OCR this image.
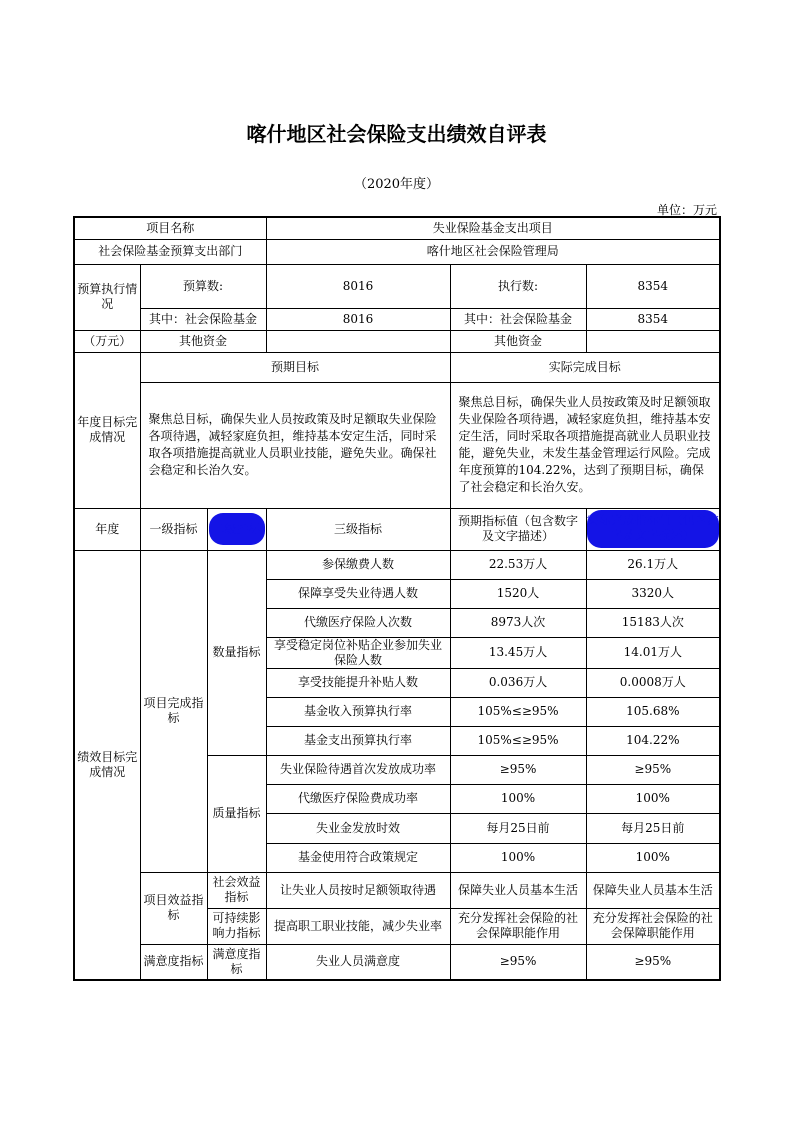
喀什地区社会保险支出绩效自评表
（2020年度）
单位：万元
项目名称			失业保险基金支出项目		
社会保险基金预算支出部门			喀什地区社会保险管理局		
预算执行情况	预算数:		8016	执行数:	8354
	其中：社会保险基金		8016	其中：社会保险基金	8354
（万元）	其他资金			其他资金	
年度目标完成情况	预期目标			实际完成目标	
	聚焦总目标，确保失业人员按政策及时足额取失业保险各项待遇，减轻家庭负担，维持基本安定生活，同时采取各项措施提高就业人员职业技能，避免失业。确保社会稳定和长治久安。			聚焦总目标，确保失业人员按政策及时足额领取失业保险各项待遇，减轻家庭负担，维持基本安定生活，同时采取各项措施提高就业人员职业技能，避免失业，未发生基金管理运行风险。完成年度预算的104.22%，达到了预期目标，确保了社会稳定和长治久安。	
年度	一级指标	二级指标	三级指标	预期指标值（包含数字及文字描述）	实际完成指标值（包含数字及文字描述）

绩效目标完成情况	项目完成指标	数量指标	参保缴费人数	22.53万人	26.1万人
			保障享受失业待遇人数	1520人	3320人
			代缴医疗保险人次数	8973人次	15183人次
			享受稳定岗位补贴企业参加失业保险人数	13.45万人	14.01万人
			享受技能提升补贴人数	0.036万人	0.0008万人
			基金收入预算执行率	105%≤≥95%	105.68%
			基金支出预算执行率	105%≤≥95%	104.22%
		质量指标	失业保险待遇首次发放成功率	≥95%	≥95%
			代缴医疗保险费成功率	100%	100%
			失业金发放时效	每月25日前	每月25日前
			基金使用符合政策规定	100%	100%
	项目效益指标	社会效益指标	让失业人员按时足额领取待遇	保障失业人员基本生活	保障失业人员基本生活
		可持续影响力指标	提高职工职业技能，减少失业率	充分发挥社会保险的社会保障职能作用	充分发挥社会保险的社会保障职能作用
	满意度指标	满意度指标	失业人员满意度	≥95%	≥95%
